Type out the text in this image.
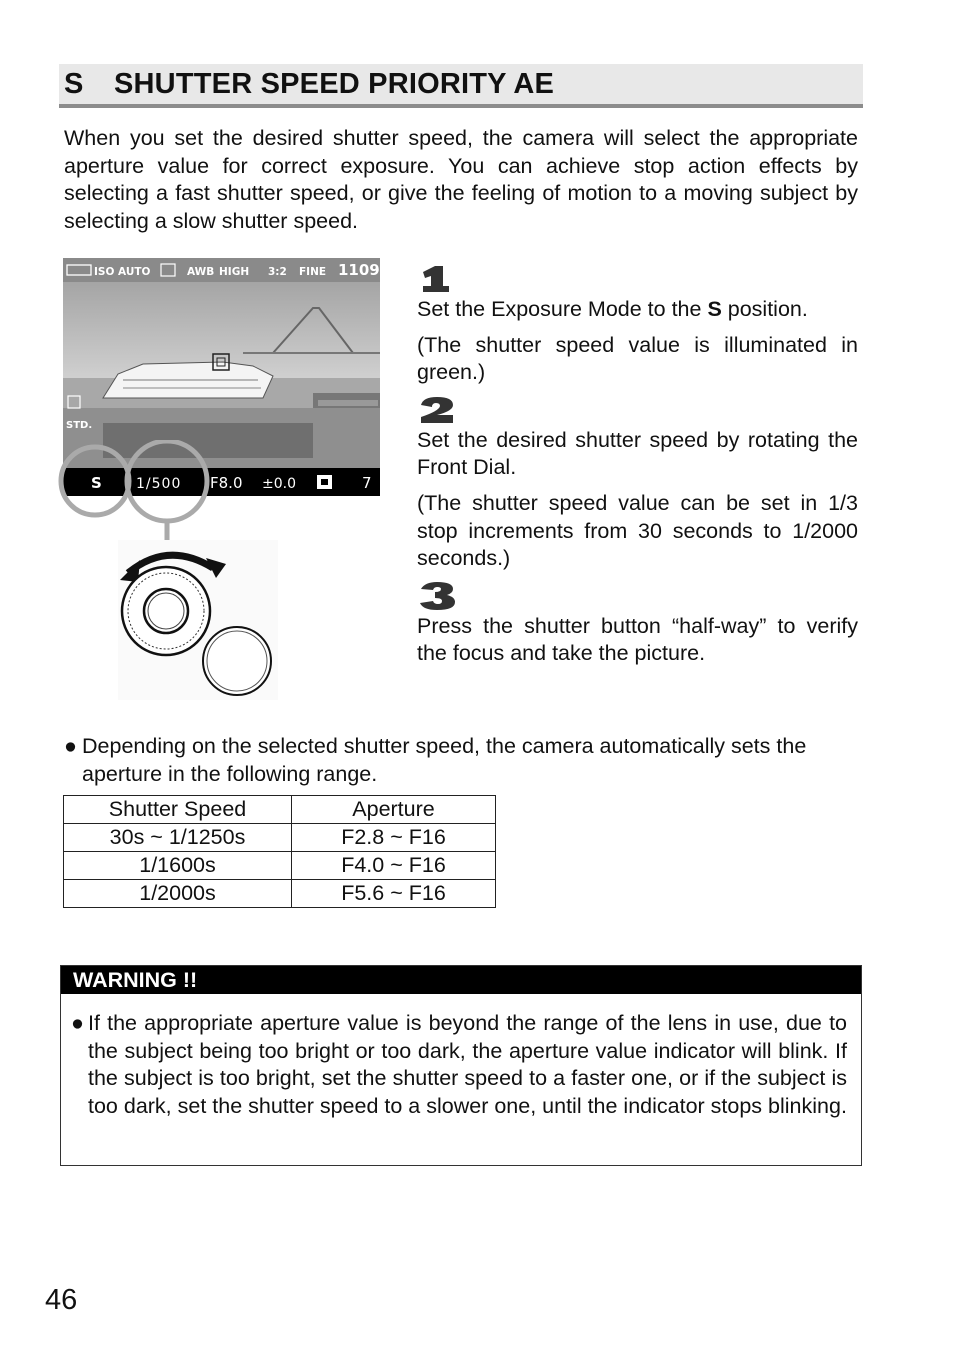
S SHUTTER SPEED PRIORITY AE

When you set the desired shutter speed, the camera will select the appropriate aperture value for correct exposure. You can achieve stop action effects by selecting a fast shutter speed, or give the feeling of motion to a moving subject by selecting a slow shutter speed.

ISO AUTO	AWB HIGH 3:2 FINE 1109
STD.
S 1/500 F8.0 ±0.0	7
1

Set the Exposure Mode to the S position.

(The shutter speed value is illuminated in green.)

2

Set the desired shutter speed by rotating the Front Dial.

(The shutter speed value can be set in 1/3 stop increments from 30 seconds to 1/2000 seconds.)

3

Press the shutter button “half-way” to verify the focus and take the picture.

● Depending on the selected shutter speed, the camera automatically sets the aperture in the following range.
Shutter Speed	Aperture
30s ~ 1/1250s	F2.8 ~ F16
1/1600s	F4.0 ~ F16
1/2000s	F5.6 ~ F16
WARNING !!
● If the appropriate aperture value is beyond the range of the lens in use, due to the subject being too bright or too dark, the aperture value indicator will blink. If the subject is too bright, set the shutter speed to a faster one, or if the subject is too dark, set the shutter speed to a slower one, until the indicator stops blinking.
46
